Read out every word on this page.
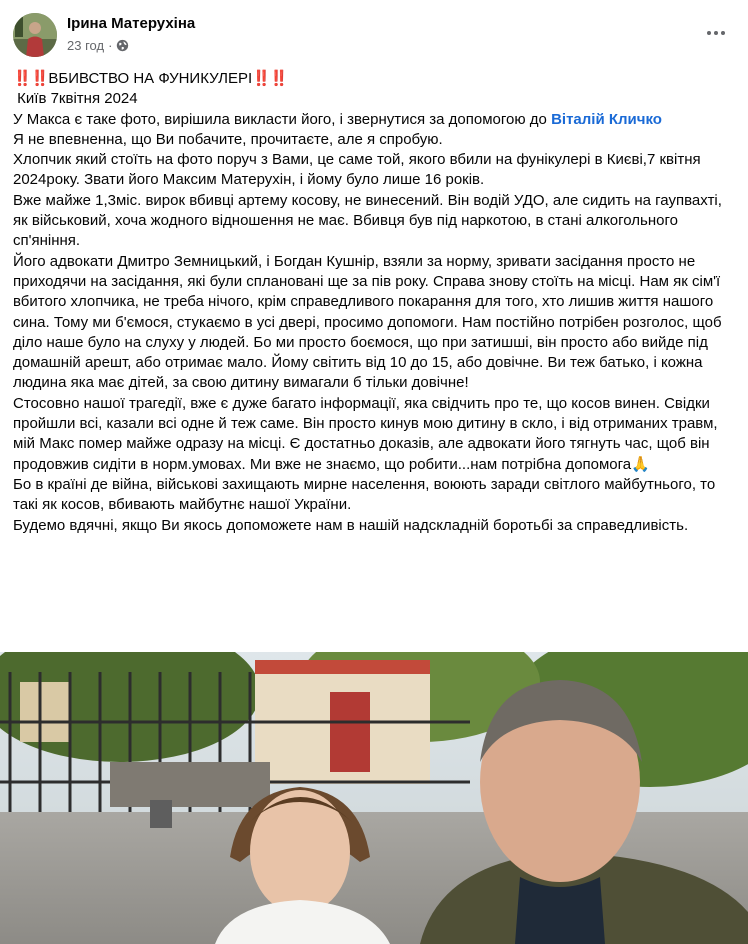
Ірина Матерухіна
23 год ·

‼️‼️ВБИВСТВО НА ФУНИКУЛЕРІ‼️‼️

Київ 7квітня 2024

У Макса є таке фото, вирішила викласти його, і звернутися за допомогою до Віталій Кличко

Я не впевненна, що Ви побачите, прочитаєте, але я спробую.

Хлопчик який стоїть на фото поруч з Вами, це саме той, якого вбили на фунікулері в Києві,7 квітня 2024року. Звати його Максим Матерухін, і йому було лише 16 років.

Вже майже 1,3міс. вирок вбивці артему косову, не винесений. Він водій УДО, але сидить на гаупвахті, як військовий, хоча жодного відношення не має. Вбивця був під наркотою, в стані алкогольного сп'яніння.

Його адвокати Дмитро Земницький, і Богдан Кушнір, взяли за норму, зривати засідання просто не приходячи на засідання, які були сплановані ще за пів року. Справа знову стоїть на місці. Нам як сім'ї вбитого хлопчика, не треба нічого, крім справедливого покарання для того, хто лишив життя нашого сина. Тому ми б'ємося, стукаємо в усі двері, просимо допомоги. Нам постійно потрібен розголос, щоб діло наше було на слуху у людей. Бо ми просто боємося, що при затишші, він просто або вийде під домашній арешт, або отримає мало. Йому світить від 10 до 15, або довічне. Ви теж батько, і кожна людина яка має дітей, за свою дитину вимагали б тільки довічне!

Стосовно нашої трагедії, вже є дуже багато інформації, яка свідчить про те, що косов винен. Свідки пройшли всі, казали всі одне й теж саме. Він просто кинув мою дитину в скло, і від отриманих травм, мій Макс помер майже одразу на місці. Є достатньо доказів, але адвокати його тягнуть час, щоб він продовжив сидіти в норм.умовах. Ми вже не знаємо, що робити...нам потрібна допомога🙏

Бо в країні де війна, військові захищають мирне населення, воюють заради світлого майбутнього, то такі як косов, вбивають майбутнє нашої України.

Будемо вдячні, якщо Ви якось допоможете нам в нашій надскладній боротьбі за справедливість.
